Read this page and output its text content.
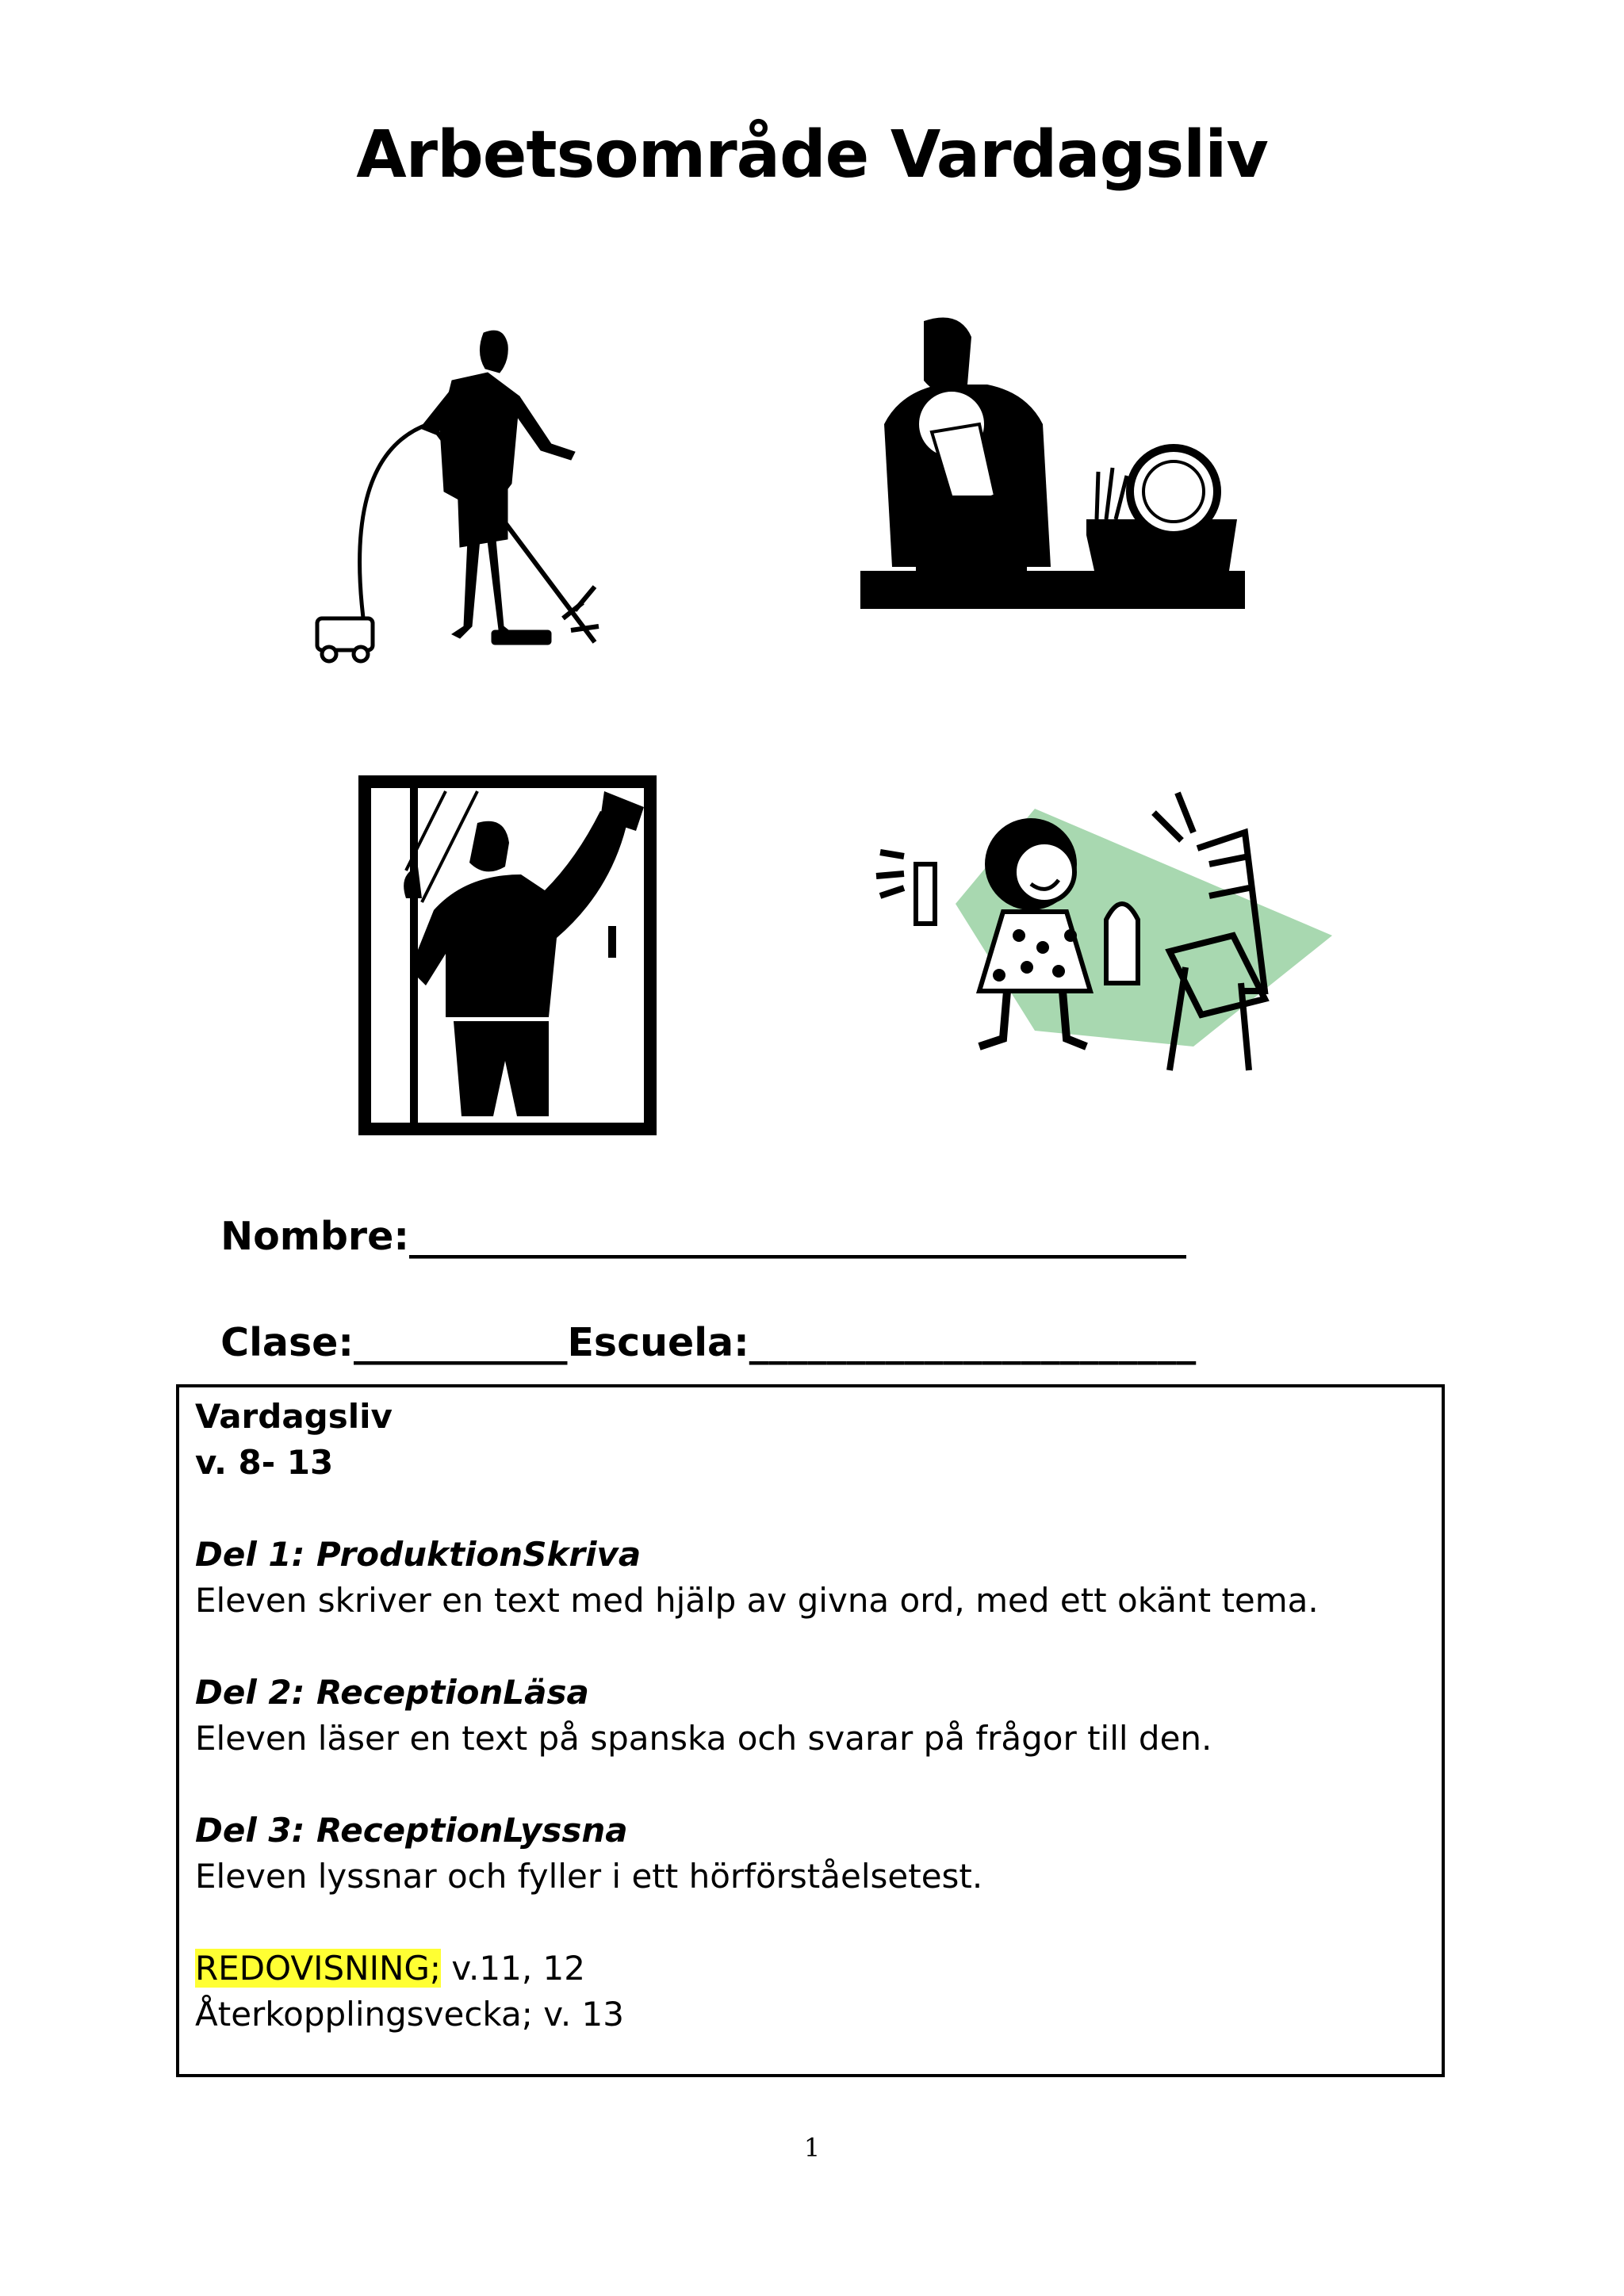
Arbetsområde Vardagsliv

Nombre:________________________________________

Clase:___________Escuela:_______________________

Vardagsliv
v. 8- 13
Del 1: ProduktionSkriva
Eleven skriver en text med hjälp av givna ord, med ett okänt tema.
Del 2: ReceptionLäsa
Eleven läser en text på spanska och svarar på frågor till den.
Del 3: ReceptionLyssna
Eleven lyssnar och fyller i ett hörförståelsetest.
REDOVISNING; v.11, 12
Återkopplingsvecka; v. 13
1
